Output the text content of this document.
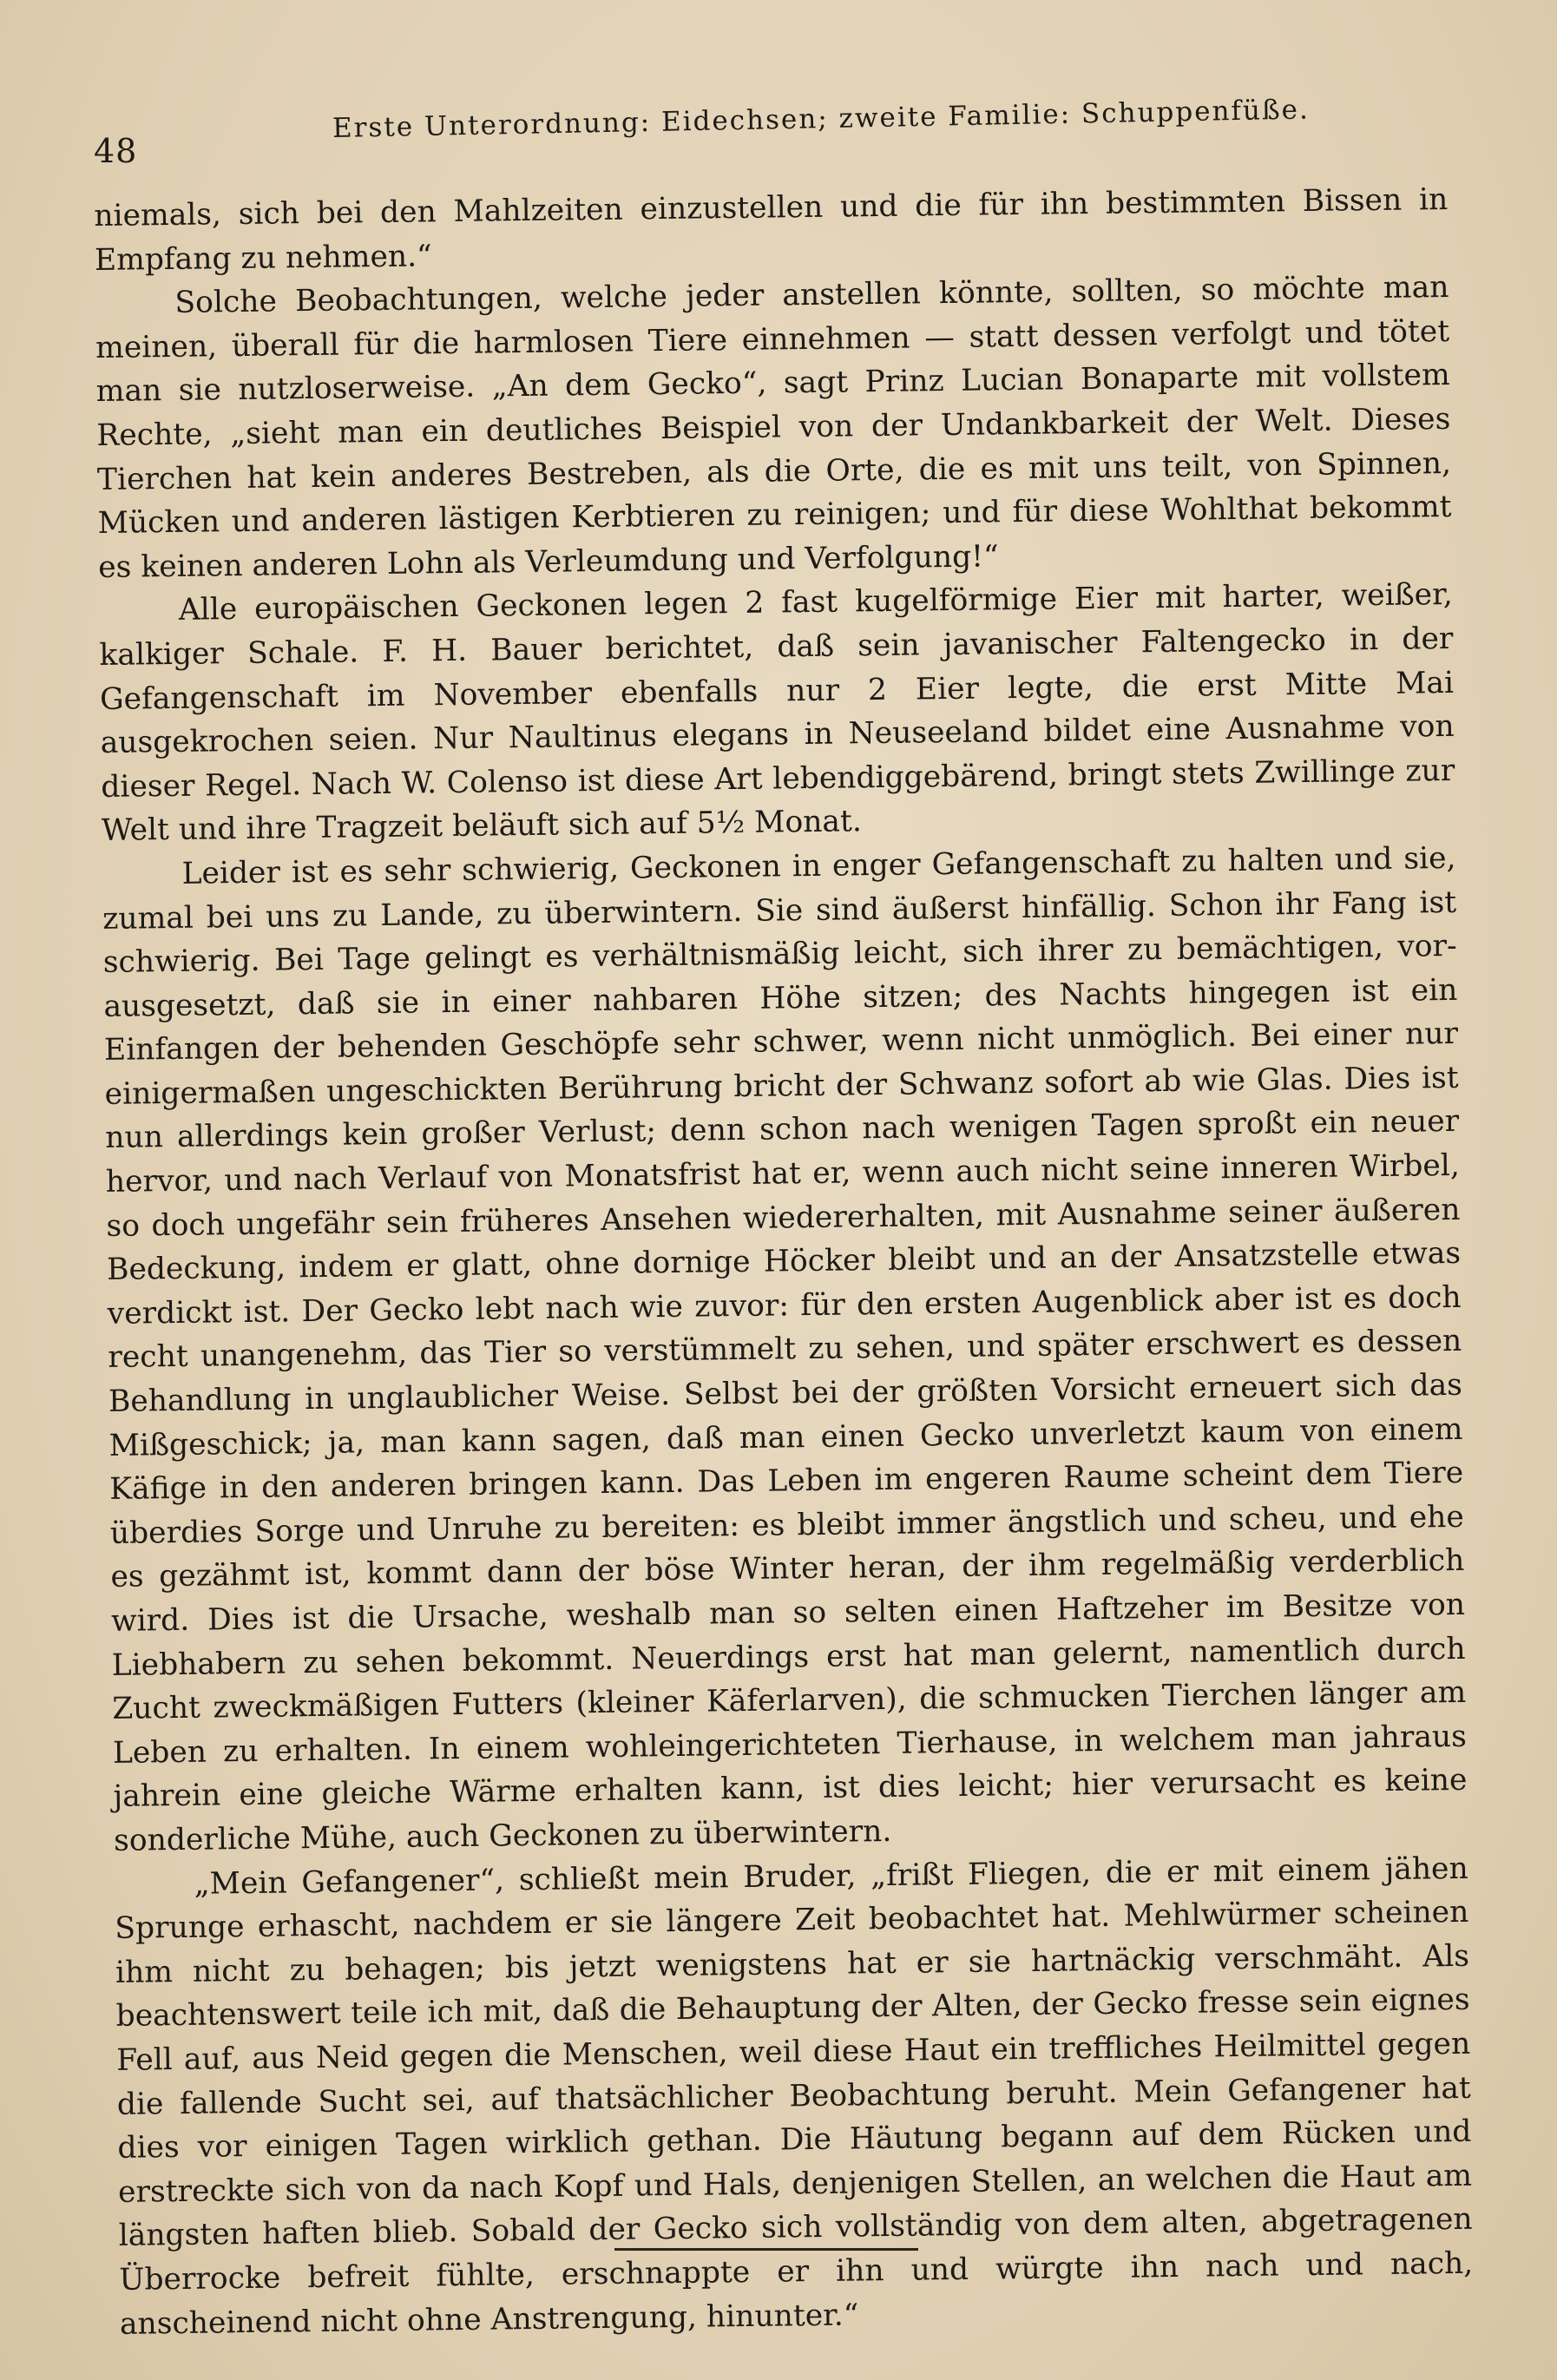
48
Erste Unterordnung: Eidechsen; zweite Familie: Schuppenfüße.

niemals, sich bei den Mahlzeiten einzustellen und die für ihn bestimmten Bissen in Empfang zu nehmen.“

Solche Beobachtungen, welche jeder anstellen könnte, sollten, so möchte man meinen, überall für die harmlosen Tiere einnehmen — statt dessen verfolgt und tötet man sie nutzloserweise. „An dem Gecko“, sagt Prinz Lucian Bonaparte mit vollstem Rechte, „sieht man ein deutliches Beispiel von der Undankbarkeit der Welt. Dieses Tierchen hat kein anderes Bestreben, als die Orte, die es mit uns teilt, von Spinnen, Mücken und anderen lästigen Kerbtieren zu reinigen; und für diese Wohlthat bekommt es keinen anderen Lohn als Verleumdung und Verfolgung!“

Alle europäischen Geckonen legen 2 fast kugelförmige Eier mit harter, weißer, kalkiger Schale. F. H. Bauer berichtet, daß sein javanischer Faltengecko in der Gefangenschaft im November ebenfalls nur 2 Eier legte, die erst Mitte Mai ausgekrochen seien. Nur Naultinus elegans in Neuseeland bildet eine Ausnahme von dieser Regel. Nach W. Colenso ist diese Art lebendiggebärend, bringt stets Zwillinge zur Welt und ihre Tragzeit beläuft sich auf 5½ Monat.

Leider ist es sehr schwierig, Geckonen in enger Gefangenschaft zu halten und sie, zumal bei uns zu Lande, zu überwintern. Sie sind äußerst hinfällig. Schon ihr Fang ist schwierig. Bei Tage gelingt es verhältnismäßig leicht, sich ihrer zu bemächtigen, vorausgesetzt, daß sie in einer nahbaren Höhe sitzen; des Nachts hingegen ist ein Einfangen der behenden Geschöpfe sehr schwer, wenn nicht unmöglich. Bei einer nur einigermaßen ungeschickten Berührung bricht der Schwanz sofort ab wie Glas. Dies ist nun allerdings kein großer Verlust; denn schon nach wenigen Tagen sproßt ein neuer hervor, und nach Verlauf von Monatsfrist hat er, wenn auch nicht seine inneren Wirbel, so doch ungefähr sein früheres Ansehen wiedererhalten, mit Ausnahme seiner äußeren Bedeckung, indem er glatt, ohne dornige Höcker bleibt und an der Ansatzstelle etwas verdickt ist. Der Gecko lebt nach wie zuvor: für den ersten Augenblick aber ist es doch recht unangenehm, das Tier so verstümmelt zu sehen, und später erschwert es dessen Behandlung in unglaublicher Weise. Selbst bei der größten Vorsicht erneuert sich das Mißgeschick; ja, man kann sagen, daß man einen Gecko unverletzt kaum von einem Käfige in den anderen bringen kann. Das Leben im engeren Raume scheint dem Tiere überdies Sorge und Unruhe zu bereiten: es bleibt immer ängstlich und scheu, und ehe es gezähmt ist, kommt dann der böse Winter heran, der ihm regelmäßig verderblich wird. Dies ist die Ursache, weshalb man so selten einen Haftzeher im Besitze von Liebhabern zu sehen bekommt. Neuerdings erst hat man gelernt, namentlich durch Zucht zweckmäßigen Futters (kleiner Käferlarven), die schmucken Tierchen länger am Leben zu erhalten. In einem wohleingerichteten Tierhause, in welchem man jahraus jahrein eine gleiche Wärme erhalten kann, ist dies leicht; hier verursacht es keine sonderliche Mühe, auch Geckonen zu überwintern.

„Mein Gefangener“, schließt mein Bruder, „frißt Fliegen, die er mit einem jähen Sprunge erhascht, nachdem er sie längere Zeit beobachtet hat. Mehlwürmer scheinen ihm nicht zu behagen; bis jetzt wenigstens hat er sie hartnäckig verschmäht. Als beachtenswert teile ich mit, daß die Behauptung der Alten, der Gecko fresse sein eignes Fell auf, aus Neid gegen die Menschen, weil diese Haut ein treffliches Heilmittel gegen die fallende Sucht sei, auf thatsächlicher Beobachtung beruht. Mein Gefangener hat dies vor einigen Tagen wirklich gethan. Die Häutung begann auf dem Rücken und erstreckte sich von da nach Kopf und Hals, denjenigen Stellen, an welchen die Haut am längsten haften blieb. Sobald der Gecko sich vollständig von dem alten, abgetragenen Überrocke befreit fühlte, erschnappte er ihn und würgte ihn nach und nach, anscheinend nicht ohne Anstrengung, hinunter.“
